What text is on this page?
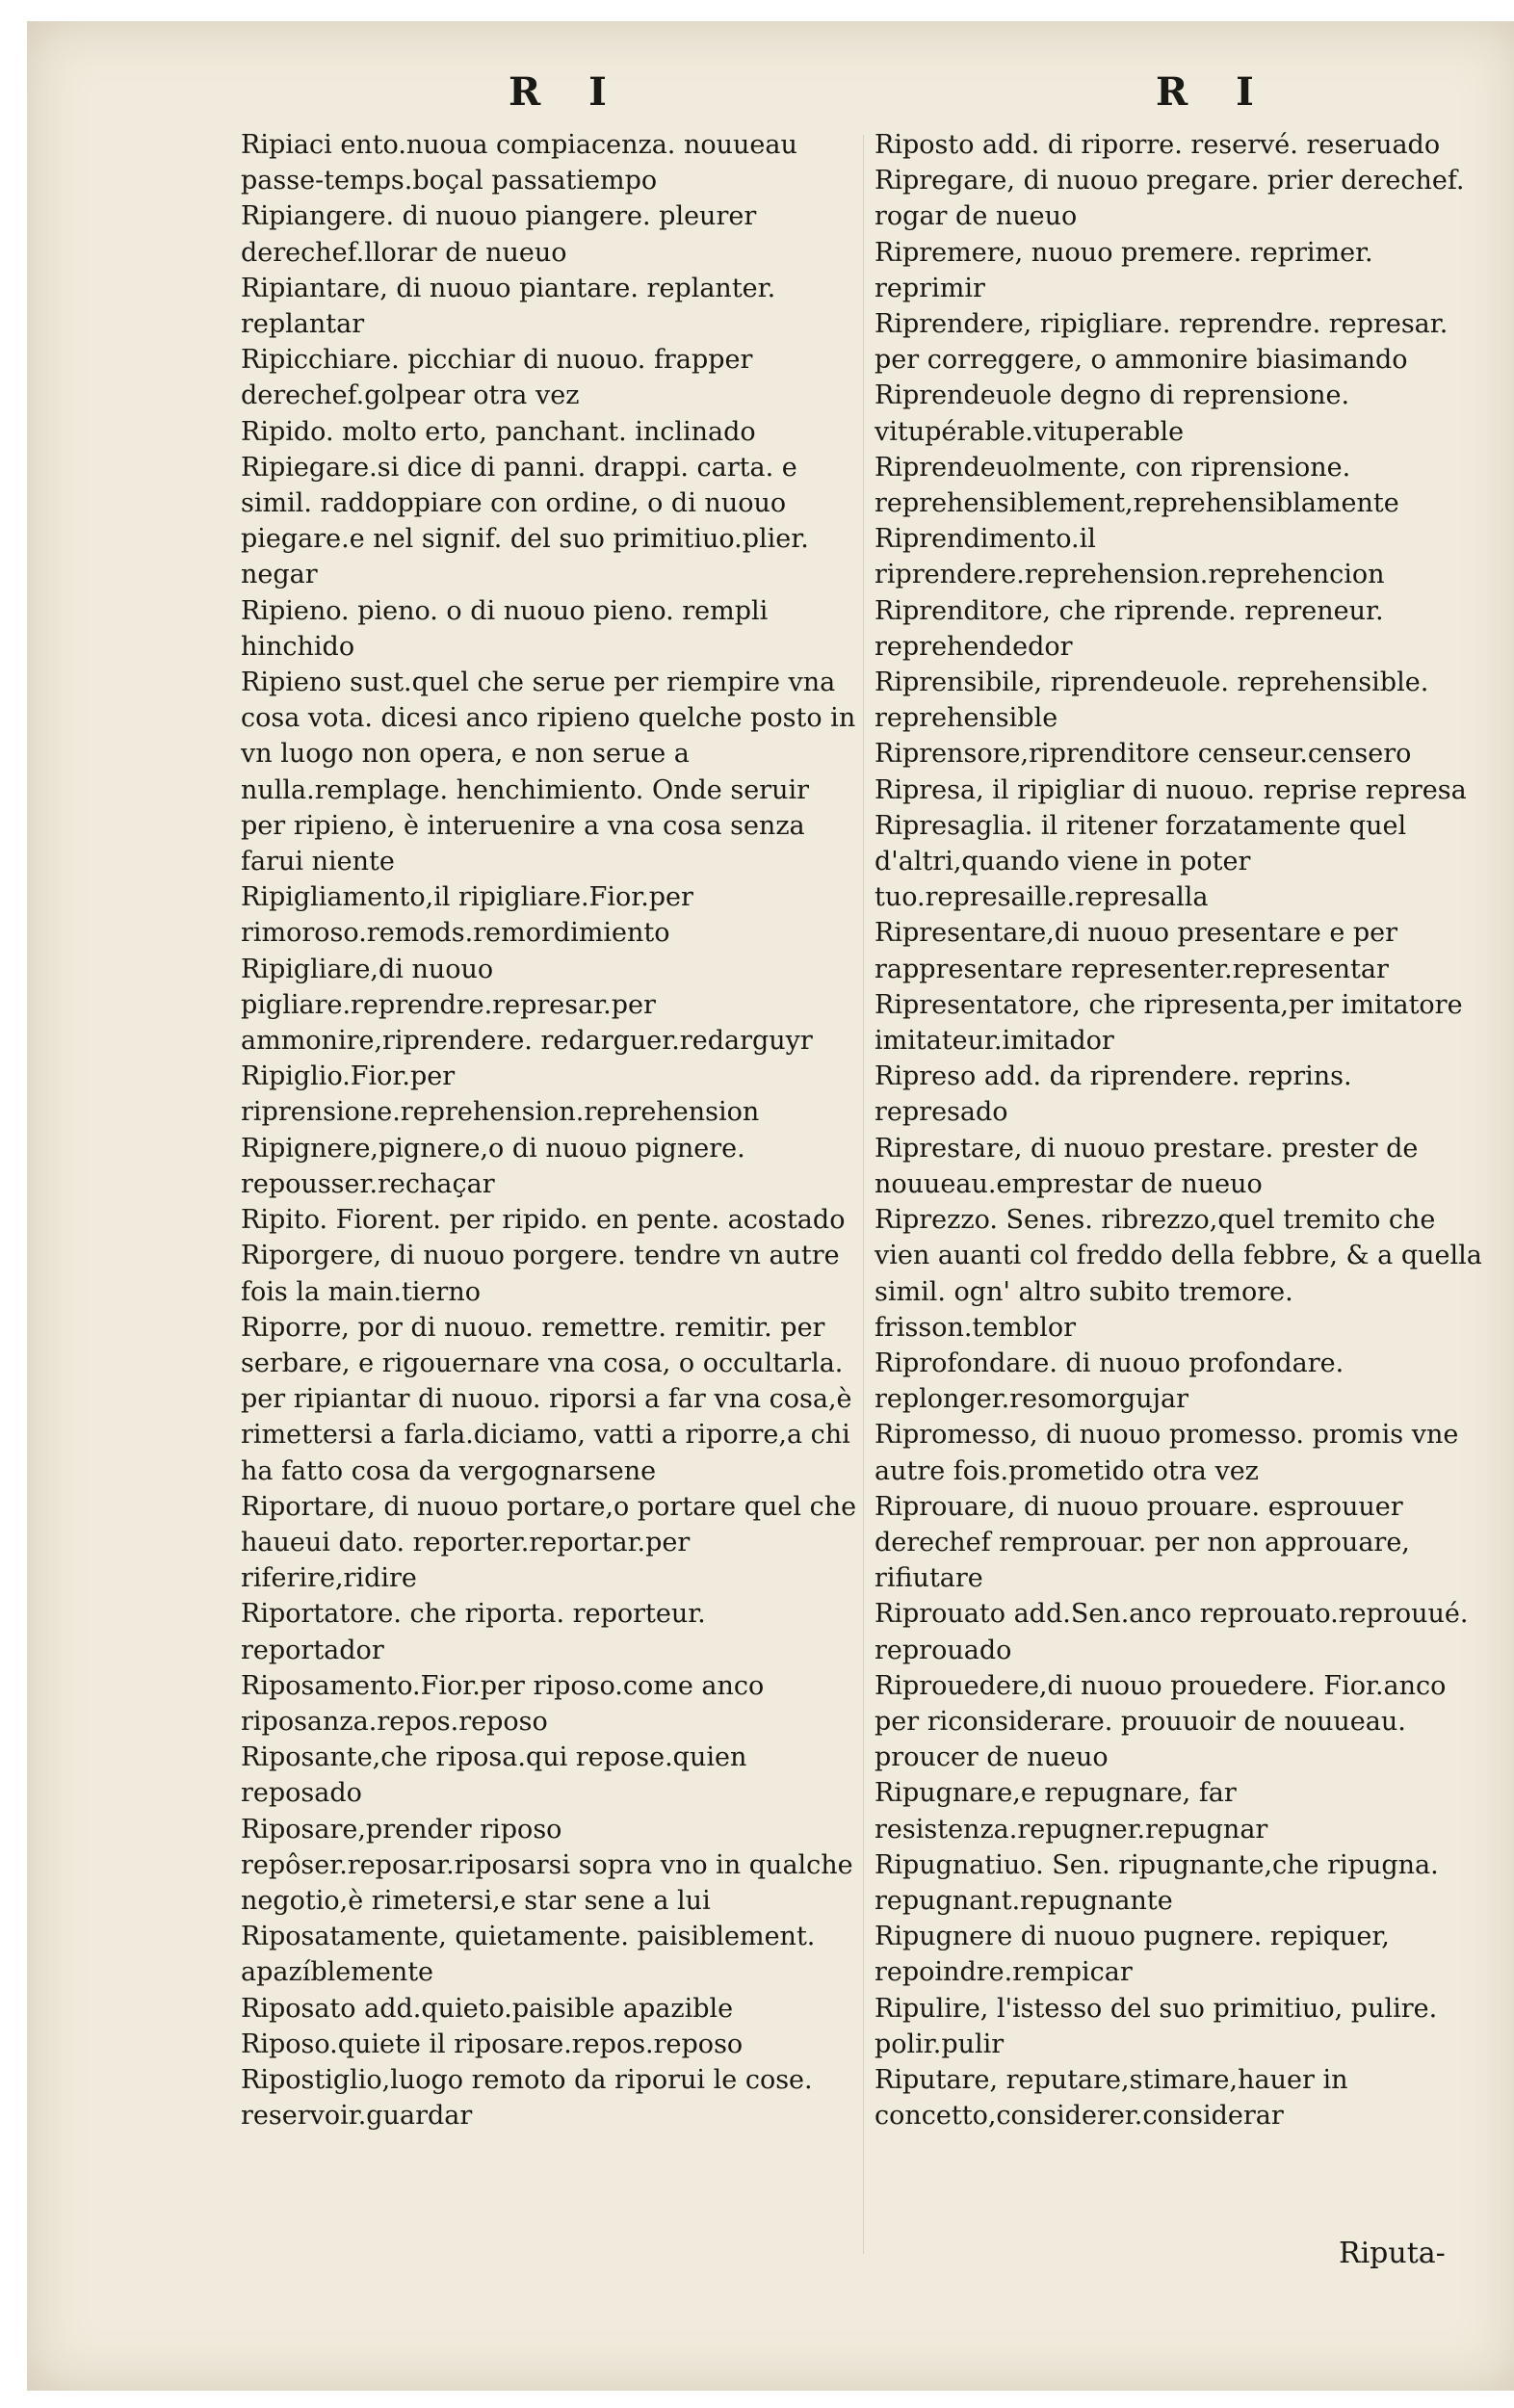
R I	R I

Ripiaci ento.nuoua compiacenza. nouueau passe-temps.boçal passatiempo

Ripiangere. di nuouo piangere. pleurer derechef.llorar de nueuo

Ripiantare, di nuouo piantare. replanter. replantar

Ripicchiare. picchiar di nuouo. frapper derechef.golpear otra vez

Ripido. molto erto, panchant. inclinado

Ripiegare.si dice di panni. drappi. carta. e simil. raddoppiare con ordine, o di nuouo piegare.e nel signif. del suo primitiuo.plier. negar

Ripieno. pieno. o di nuouo pieno. rempli hinchido

Ripieno sust.quel che serue per riempire vna cosa vota. dicesi anco ripieno quelche posto in vn luogo non opera, e non serue a nulla.remplage. henchimiento. Onde seruir per ripieno, è interuenire a vna cosa senza farui niente

Ripigliamento,il ripigliare.Fior.per rimoroso.remods.remordimiento

Ripigliare,di nuouo pigliare.reprendre.represar.per ammonire,riprendere. redarguer.redarguyr

Ripiglio.Fior.per riprensione.reprehension.reprehension

Ripignere,pignere,o di nuouo pignere. repousser.rechaçar

Ripito. Fiorent. per ripido. en pente. acostado

Riporgere, di nuouo porgere. tendre vn autre fois la main.tierno

Riporre, por di nuouo. remettre. remitir. per serbare, e rigouernare vna cosa, o occultarla. per ripiantar di nuouo. riporsi a far vna cosa,è rimettersi a farla.diciamo, vatti a riporre,a chi ha fatto cosa da vergognarsene

Riportare, di nuouo portare,o portare quel che haueui dato. reporter.reportar.per riferire,ridire

Riportatore. che riporta. reporteur. reportador

Riposamento.Fior.per riposo.come anco riposanza.repos.reposo

Riposante,che riposa.qui repose.quien reposado

Riposare,prender riposo repôser.reposar.riposarsi sopra vno in qualche negotio,è rimetersi,e star sene a lui

Riposatamente, quietamente. paisiblement. apazíblemente

Riposato add.quieto.paisible apazible

Riposo.quiete il riposare.repos.reposo

Ripostiglio,luogo remoto da riporui le cose. reservoir.guardar

Riposto add. di riporre. reservé. reseruado

Ripregare, di nuouo pregare. prier derechef. rogar de nueuo

Ripremere, nuouo premere. reprimer. reprimir

Riprendere, ripigliare. reprendre. represar. per correggere, o ammonire biasimando

Riprendeuole degno di reprensione. vitupérable.vituperable

Riprendeuolmente, con riprensione. reprehensiblement,reprehensiblamente

Riprendimento.il riprendere.reprehension.reprehencion

Riprenditore, che riprende. repreneur. reprehendedor

Riprensibile, riprendeuole. reprehensible. reprehensible

Riprensore,riprenditore censeur.censero

Ripresa, il ripigliar di nuouo. reprise represa

Ripresaglia. il ritener forzatamente quel d'altri,quando viene in poter tuo.represaille.represalla

Ripresentare,di nuouo presentare e per rappresentare representer.representar

Ripresentatore, che ripresenta,per imitatore imitateur.imitador

Ripreso add. da riprendere. reprins. represado

Riprestare, di nuouo prestare. prester de nouueau.emprestar de nueuo

Riprezzo. Senes. ribrezzo,quel tremito che vien auanti col freddo della febbre, & a quella simil. ogn' altro subito tremore. frisson.temblor

Riprofondare. di nuouo profondare. replonger.resomorgujar

Ripromesso, di nuouo promesso. promis vne autre fois.prometido otra vez

Riprouare, di nuouo prouare. esprouuer derechef remprouar. per non approuare, rifiutare

Riprouato add.Sen.anco reprouato.reprouué. reprouado

Riprouedere,di nuouo prouedere. Fior.anco per riconsiderare. prouuoir de nouueau. proucer de nueuo

Ripugnare,e repugnare, far resistenza.repugner.repugnar

Ripugnatiuo. Sen. ripugnante,che ripugna. repugnant.repugnante

Ripugnere di nuouo pugnere. repiquer, repoindre.rempicar

Ripulire, l'istesso del suo primitiuo, pulire. polir.pulir

Riputare, reputare,stimare,hauer in concetto,considerer.considerar

Riputa-
